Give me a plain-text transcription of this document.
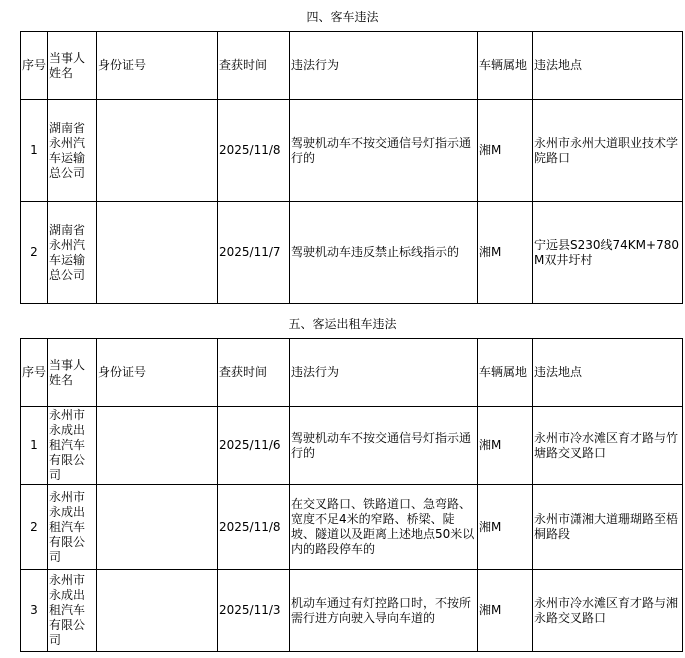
四、客车违法
序号	当事人姓名	身份证号	查获时间	违法行为	车辆属地	违法地点
1	湖南省永州汽车运输总公司		2025/11/8	驾驶机动车不按交通信号灯指示通行的	湘M	永州市永州大道职业技术学院路口
2	湖南省永州汽车运输总公司		2025/11/7	驾驶机动车违反禁止标线指示的	湘M	宁远县S230线74KM+780M双井圩村
五、客运出租车违法
序号	当事人姓名	身份证号	查获时间	违法行为	车辆属地	违法地点
1	永州市永成出租汽车有限公司		2025/11/6	驾驶机动车不按交通信号灯指示通行的	湘M	永州市冷水滩区育才路与竹塘路交叉路口
2	永州市永成出租汽车有限公司		2025/11/8	在交叉路口、铁路道口、急弯路、宽度不足4米的窄路、桥梁、陡坡、隧道以及距离上述地点50米以内的路段停车的	湘M	永州市潇湘大道珊瑚路至梧桐路段
3	永州市永成出租汽车有限公司		2025/11/3	机动车通过有灯控路口时，不按所需行进方向驶入导向车道的	湘M	永州市冷水滩区育才路与湘永路交叉路口
